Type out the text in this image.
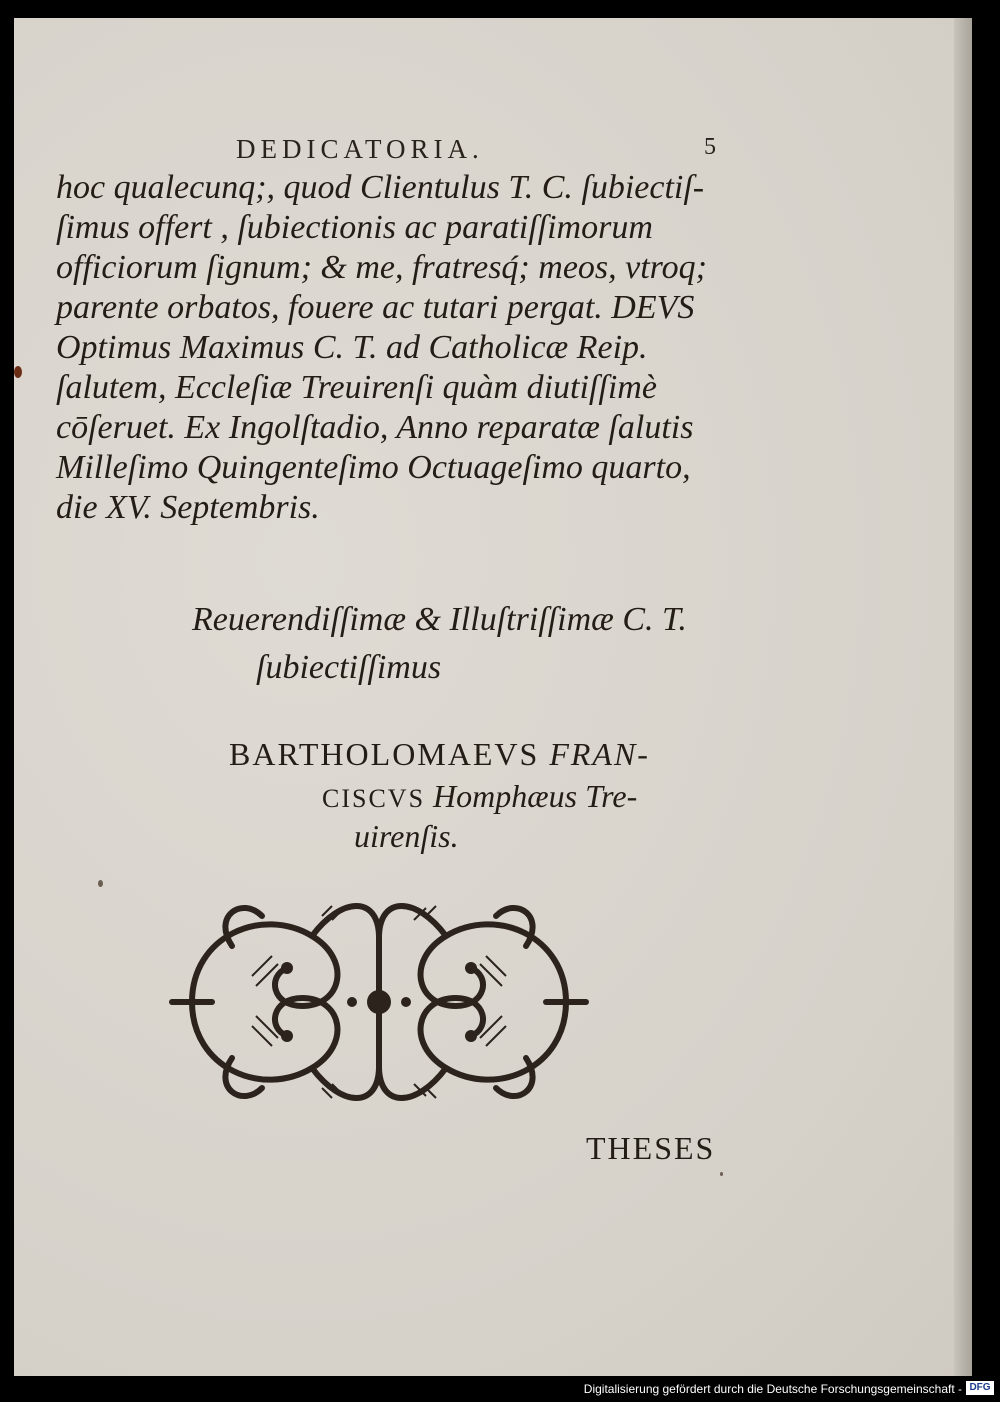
DEDICATORIA.	5
hoc qualecunq;, quod Clientulus T. C. ſubiectiſ-
ſimus offert , ſubiectionis ac paratiſſimorum
officiorum ſignum; & me, fratresq́; meos, vtroq;
parente orbatos, fouere ac tutari pergat. DEVS
Optimus Maximus C. T. ad Catholicæ Reip.
ſalutem, Eccleſiæ Treuirenſi quàm diutiſſimè
cōſeruet. Ex Ingolſtadio, Anno reparatæ ſalutis
Milleſimo Quingenteſimo Octuageſimo quarto,
die XV. Septembris.
Reuerendiſſimæ & Illuſtriſſimæ C. T.
ſubiectiſſimus
BARTHOLOMAEVS FRAN-
CISCVS Homphæus Tre-
uirenſis.
THESES
Digitalisierung gefördert durch die Deutsche Forschungsgemeinschaft - DFG
